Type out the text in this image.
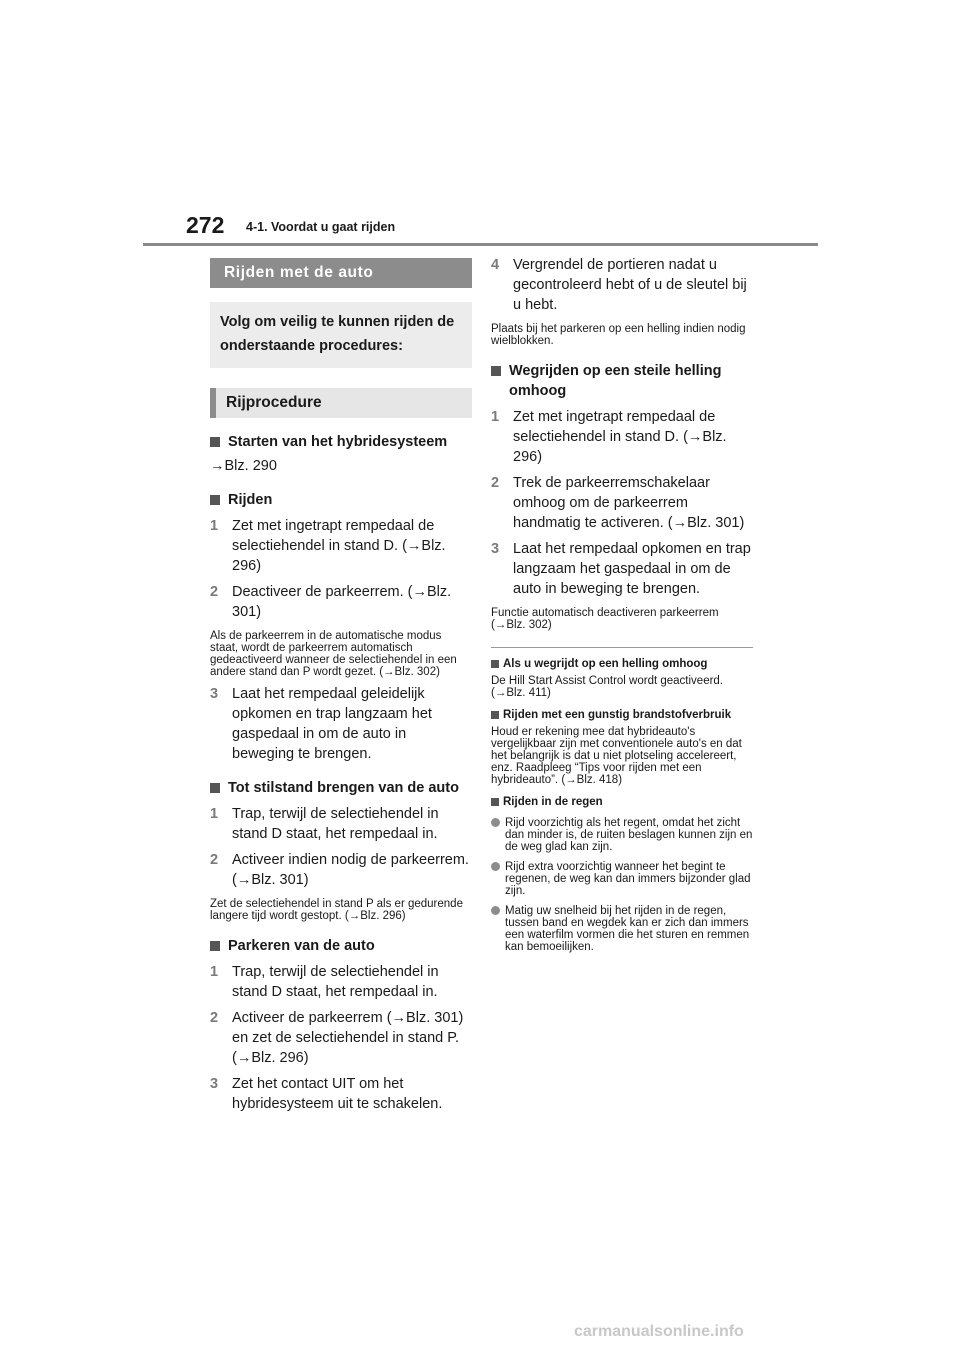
272 4-1. Voordat u gaat rijden
Rijden met de auto
Volg om veilig te kunnen rijden de onderstaande procedures:
Rijprocedure
Starten van het hybridesysteem
→Blz. 290
Rijden
1 Zet met ingetrapt rempedaal de selectiehendel in stand D. (→Blz. 296)
2 Deactiveer de parkeerrem. (→Blz. 301)
Als de parkeerrem in de automatische modus staat, wordt de parkeerrem automatisch gedeactiveerd wanneer de selectiehendel in een andere stand dan P wordt gezet. (→Blz. 302)
3 Laat het rempedaal geleidelijk opkomen en trap langzaam het gaspedaal in om de auto in beweging te brengen.
Tot stilstand brengen van de auto
1 Trap, terwijl de selectiehendel in stand D staat, het rempedaal in.
2 Activeer indien nodig de parkeerrem. (→Blz. 301)
Zet de selectiehendel in stand P als er gedurende langere tijd wordt gestopt. (→Blz. 296)
Parkeren van de auto
1 Trap, terwijl de selectiehendel in stand D staat, het rempedaal in.
2 Activeer de parkeerrem (→Blz. 301) en zet de selectiehendel in stand P. (→Blz. 296)
3 Zet het contact UIT om het hybridesysteem uit te schakelen.
4 Vergrendel de portieren nadat u gecontroleerd hebt of u de sleutel bij u hebt.
Plaats bij het parkeren op een helling indien nodig wielblokken.
Wegrijden op een steile helling omhoog
1 Zet met ingetrapt rempedaal de selectiehendel in stand D. (→Blz. 296)
2 Trek de parkeerremschakelaar omhoog om de parkeerrem handmatig te activeren. (→Blz. 301)
3 Laat het rempedaal opkomen en trap langzaam het gaspedaal in om de auto in beweging te brengen.
Functie automatisch deactiveren parkeerrem (→Blz. 302)
Als u wegrijdt op een helling omhoog
De Hill Start Assist Control wordt geactiveerd. (→Blz. 411)
Rijden met een gunstig brandstofverbruik
Houd er rekening mee dat hybrideauto's vergelijkbaar zijn met conventionele auto's en dat het belangrijk is dat u niet plotseling accelereert, enz. Raadpleeg “Tips voor rijden met een hybrideauto”. (→Blz. 418)
Rijden in de regen
Rijd voorzichtig als het regent, omdat het zicht dan minder is, de ruiten beslagen kunnen zijn en de weg glad kan zijn.
Rijd extra voorzichtig wanneer het begint te regenen, de weg kan dan immers bijzonder glad zijn.
Matig uw snelheid bij het rijden in de regen, tussen band en wegdek kan er zich dan immers een waterfilm vormen die het sturen en remmen kan bemoeilijken.
carmanualsonline.info
